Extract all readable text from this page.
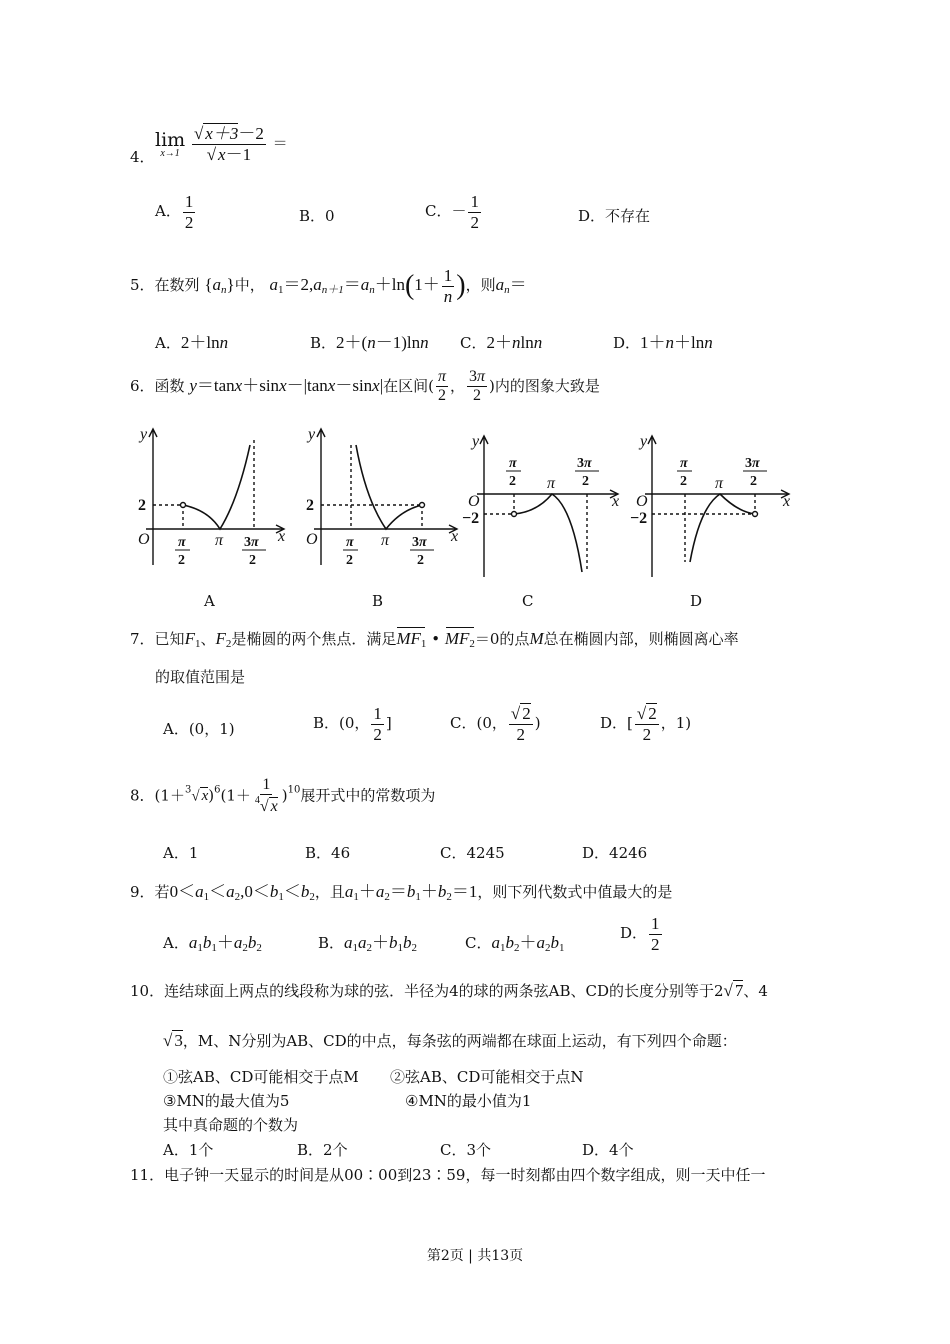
4．
lim
x→1
$\frac{√ x+3-2}{√ x-1}$ ＝
A． $\frac{1}{2}$	B．0	C．－ $\frac{1}{2}$	D．不存在
5．在数列 $\{a_n\}$中， $a_1=2,a_{n+1}=a_n+\ln(1+ \frac{1}{n}$ )，则$a_n=$
A．2＋lnn	B．2＋(n－1)lnn C．2＋nlnn	D．1＋n＋lnn
6．函数 y＝tanx＋sinx－|tanx－sinx|在区间( $\frac{\pi}{2}$ ， $\frac{3\pi}{2}$ )内的图象大致是
y
x
O
2
π
π
2
3π
2
A
y
x
O
2
π
π
2
3π
2
B
y
x
O
−2
π
π
2
3π
2
C
y
x
O
−2
π
π
2
3π
2
D
7．已知$F_1$、$F_2$是椭圆的两个焦点．满足$MF_1$ • $MF_2=0$的点M总在椭圆内部，则椭圆离心率
的取值范围是
A．(0，1)	B．(0， $\frac{1}{2}$ ]	C．(0， $\frac{√ 2}{2}$ )	D．[ $\frac{√ 2}{2}$ ，1)
8．(1＋$^3$√ $x)^6(1+ \frac{1}{^4√ x} )^{10}$展开式中的常数项为
A．1	B．46	C．4245	D．4246
9．若$0<a_1<a_2,0<b_1<b_2$，且$a_1+a_2=b_1+b_2=1$，则下列代数式中值最大的是
A．$a_1b_1+a_2b_2$	B．$a_1a_2+b_1b_2$	C．$a_1b_2+a_2b_1$
D． $\frac{1}{2}$
10．连结球面上两点的线段称为球的弦．半径为4的球的两条弦AB、CD的长度分别等于2√ 7、4
√ 3，M、N分别为AB、CD的中点，每条弦的两端都在球面上运动，有下列四个命题：
①弦AB、CD可能相交于点M ②弦AB、CD可能相交于点N
③MN的最大值为5	④MN的最小值为1
其中真命题的个数为
A．1个	B．2个	C．3个	D．4个
11．电子钟一天显示的时间是从00∶00到23∶59，每一时刻都由四个数字组成，则一天中任一
第2页 | 共13页
